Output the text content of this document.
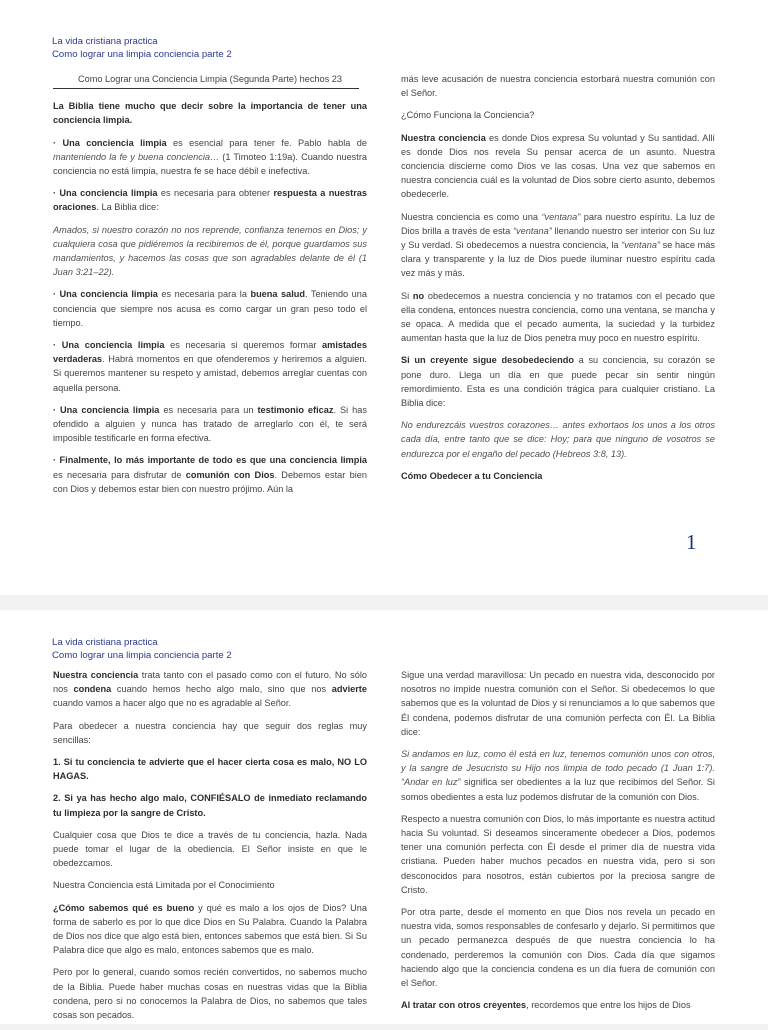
La vida cristiana practica
Como lograr una limpia conciencia parte 2

Como Lograr una Conciencia Limpia (Segunda Parte) hechos 23

La Biblia tiene mucho que decir sobre la importancia de tener una conciencia limpia.

· Una conciencia limpia es esencial para tener fe. Pablo habla de manteniendo la fe y buena conciencia… (1 Timoteo 1:19a). Cuando nuestra conciencia no está limpia, nuestra fe se hace débil e inefectiva.

· Una conciencia limpia es necesaria para obtener respuesta a nuestras oraciones. La Biblia dice:

Amados, si nuestro corazón no nos reprende, confianza tenemos en Dios; y cualquiera cosa que pidiéremos la recibiremos de él, porque guardamos sus mandamientos, y hacemos las cosas que son agradables delante de él (1 Juan 3:21–22).

· Una conciencia limpia es necesaria para la buena salud. Teniendo una conciencia que siempre nos acusa es como cargar un gran peso todo el tiempo.

· Una conciencia limpia es necesaria si queremos formar amistades verdaderas. Habrá momentos en que ofenderemos y heriremos a alguien. Si queremos mantener su respeto y amistad, debemos arreglar cuentas con aquella persona.

· Una conciencia limpia es necesaria para un testimonio eficaz. Si has ofendido a alguien y nunca has tratado de arreglarlo con él, te será imposible testificarle en forma efectiva.

· Finalmente, lo más importante de todo es que una conciencia limpia es necesaria para disfrutar de comunión con Dios. Debemos estar bien con Dios y debemos estar bien con nuestro prójimo. Aún la

más leve acusación de nuestra conciencia estorbará nuestra comunión con el Señor.

¿Cómo Funciona la Conciencia?

Nuestra conciencia es donde Dios expresa Su voluntad y Su santidad. Allí es donde Dios nos revela Su pensar acerca de un asunto. Nuestra conciencia discierne como Dios ve las cosas. Una vez que sabemos en nuestra conciencia cuál es la voluntad de Dios sobre cierto asunto, debemos obedecerle.

Nuestra conciencia es como una “ventana” para nuestro espíritu. La luz de Dios brilla a través de esta “ventana” llenando nuestro ser interior con Su luz y Su verdad. Si obedecemos a nuestra conciencia, la “ventana” se hace más clara y transparente y la luz de Dios puede iluminar nuestro espíritu cada vez más y más.

Si no obedecemos a nuestra conciencia y no tratamos con el pecado que ella condena, entonces nuestra conciencia, como una ventana, se mancha y se opaca. A medida que el pecado aumenta, la suciedad y la turbidez aumentan hasta que la luz de Dios penetra muy poco en nuestro espíritu.

Si un creyente sigue desobedeciendo a su conciencia, su corazón se pone duro. Llega un día en que puede pecar sin sentir ningún remordimiento. Esta es una condición trágica para cualquier cristiano. La Biblia dice:

No endurezcáis vuestros corazones… antes exhortaos los unos a los otros cada día, entre tanto que se dice: Hoy; para que ninguno de vosotros se endurezca por el engaño del pecado (Hebreos 3:8, 13).

Cómo Obedecer a tu Conciencia

1
La vida cristiana practica
Como lograr una limpia conciencia parte 2

Nuestra conciencia trata tanto con el pasado como con el futuro. No sólo nos condena cuando hemos hecho algo malo, sino que nos advierte cuando vamos a hacer algo que no es agradable al Señor.

Para obedecer a nuestra conciencia hay que seguir dos reglas muy sencillas:

1. Si tu conciencia te advierte que el hacer cierta cosa es malo, NO LO HAGAS.

2. Si ya has hecho algo malo, CONFIÉSALO de inmediato reclamando tu limpieza por la sangre de Cristo.

Cualquier cosa que Dios te dice a través de tu conciencia, hazla. Nada puede tomar el lugar de la obediencia. El Señor insiste en que le obedezcamos.

Nuestra Conciencia está Limitada por el Conocimiento

¿Cómo sabemos qué es bueno y qué es malo a los ojos de Dios? Una forma de saberlo es por lo que dice Dios en Su Palabra. Cuando la Palabra de Dios nos dice que algo está bien, entonces sabemos que está bien. Si Su Palabra dice que algo es malo, entonces sabemos que es malo.

Pero por lo general, cuando somos recién convertidos, no sabemos mucho de la Biblia. Puede haber muchas cosas en nuestras vidas que la Biblia condena, pero si no conocemos la Palabra de Dios, no sabemos que tales cosas son pecados.

Sigue una verdad maravillosa: Un pecado en nuestra vida, desconocido por nosotros no impide nuestra comunión con el Señor. Si obedecemos lo que sabemos que es la voluntad de Dios y si renunciamos a lo que sabemos que Él condena, podemos disfrutar de una comunión perfecta con Él. La Biblia dice:

Si andamos en luz, como él está en luz, tenemos comunión unos con otros, y la sangre de Jesucristo su Hijo nos limpia de todo pecado (1 Juan 1:7). “Andar en luz” significa ser obedientes a la luz que recibimos del Señor. Si somos obedientes a esta luz podemos disfrutar de la comunión con Dios.

Respecto a nuestra comunión con Dios, lo más importante es nuestra actitud hacia Su voluntad. Si deseamos sinceramente obedecer a Dios, podemos tener una comunión perfecta con Él desde el primer día de nuestra vida cristiana. Pueden haber muchos pecados en nuestra vida, pero si son desconocidos para nosotros, están cubiertos por la preciosa sangre de Cristo.

Por otra parte, desde el momento en que Dios nos revela un pecado en nuestra vida, somos responsables de confesarlo y dejarlo. Si permitimos que un pecado permanezca después de que nuestra conciencia lo ha condenado, perderemos la comunión con Dios. Cada día que sigamos haciendo algo que la conciencia condena es un día fuera de comunión con el Señor.

Al tratar con otros creyentes, recordemos que entre los hijos de Dios
